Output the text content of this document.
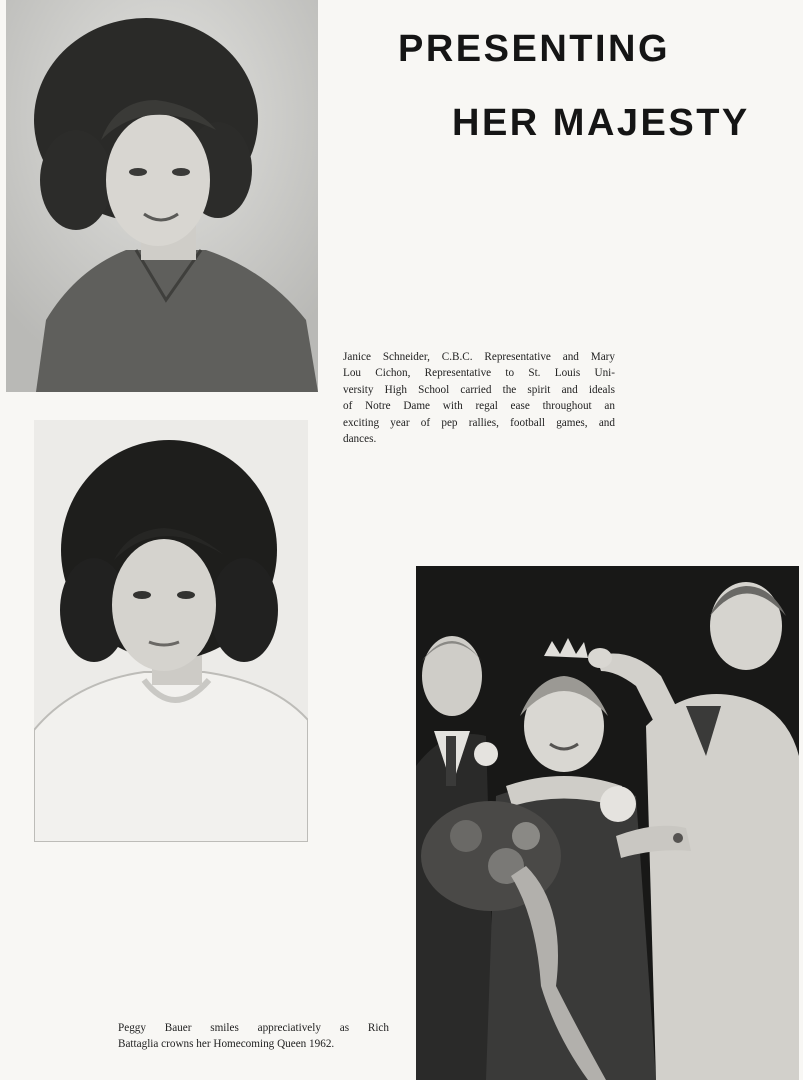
PRESENTING
HER MAJESTY
Janice Schneider, C.B.C. Representative and Mary
Lou Cichon, Representative to St. Louis Uni-
versity High School carried the spirit and ideals
of Notre Dame with regal ease throughout an
exciting year of pep rallies, football games, and
dances.
Peggy Bauer smiles appreciatively as Rich
Battaglia crowns her Homecoming Queen 1962.
